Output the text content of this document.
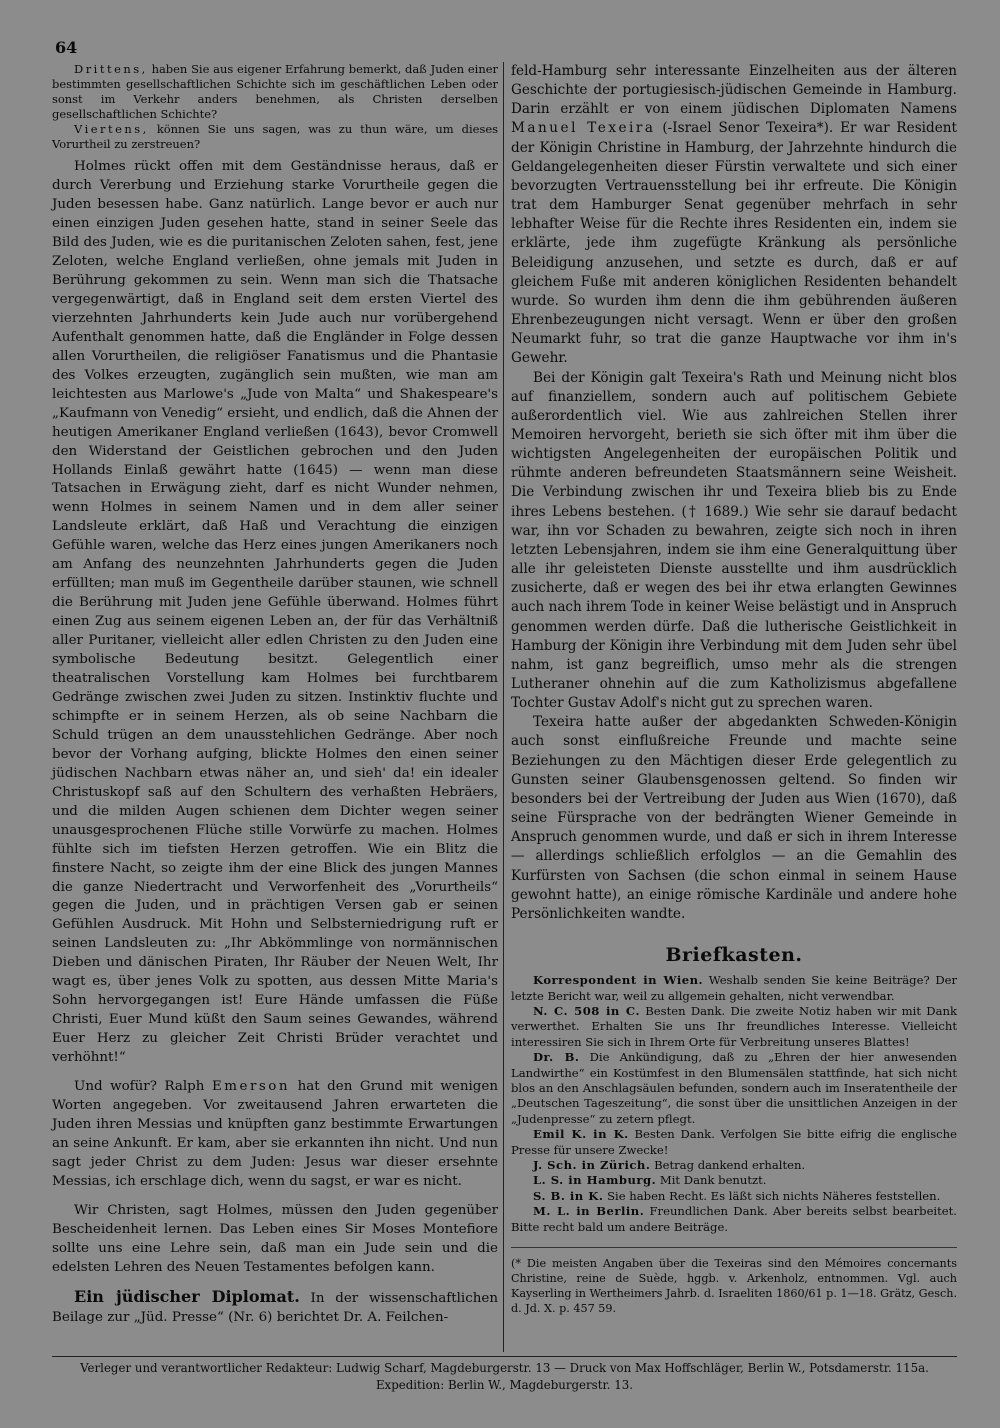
64
Drittens, haben Sie aus eigener Erfahrung bemerkt, daß Juden einer bestimmten gesellschaftlichen Schichte sich im geschäftlichen Leben oder sonst im Verkehr anders benehmen, als Christen derselben gesellschaftlichen Schichte?
Viertens, können Sie uns sagen, was zu thun wäre, um dieses Vorurtheil zu zerstreuen?

Holmes rückt offen mit dem Geständnisse heraus, daß er durch Vererbung und Erziehung starke Vorurtheile gegen die Juden besessen habe. Ganz natürlich. Lange bevor er auch nur einen einzigen Juden gesehen hatte, stand in seiner Seele das Bild des Juden, wie es die puritanischen Zeloten sahen, fest, jene Zeloten, welche England verließen, ohne jemals mit Juden in Berührung gekommen zu sein. Wenn man sich die Thatsache vergegenwärtigt, daß in England seit dem ersten Viertel des vierzehnten Jahrhunderts kein Jude auch nur vorübergehend Aufenthalt genommen hatte, daß die Engländer in Folge dessen allen Vorurtheilen, die religiöser Fanatismus und die Phantasie des Volkes erzeugten, zugänglich sein mußten, wie man am leichtesten aus Marlowe's „Jude von Malta“ und Shakespeare's „Kaufmann von Venedig“ ersieht, und endlich, daß die Ahnen der heutigen Amerikaner England verließen (1643), bevor Cromwell den Widerstand der Geistlichen gebrochen und den Juden Hollands Einlaß gewährt hatte (1645) — wenn man diese Tatsachen in Erwägung zieht, darf es nicht Wunder nehmen, wenn Holmes in seinem Namen und in dem aller seiner Landsleute erklärt, daß Haß und Verachtung die einzigen Gefühle waren, welche das Herz eines jungen Amerikaners noch am Anfang des neunzehnten Jahrhunderts gegen die Juden erfüllten; man muß im Gegentheile darüber staunen, wie schnell die Berührung mit Juden jene Gefühle überwand. Holmes führt einen Zug aus seinem eigenen Leben an, der für das Verhältniß aller Puritaner, vielleicht aller edlen Christen zu den Juden eine symbolische Bedeutung besitzt. Gelegentlich einer theatralischen Vorstellung kam Holmes bei furchtbarem Gedränge zwischen zwei Juden zu sitzen. Instinktiv fluchte und schimpfte er in seinem Herzen, als ob seine Nachbarn die Schuld trügen an dem unausstehlichen Gedränge. Aber noch bevor der Vorhang aufging, blickte Holmes den einen seiner jüdischen Nachbarn etwas näher an, und sieh' da! ein idealer Christuskopf saß auf den Schultern des verhaßten Hebräers, und die milden Augen schienen dem Dichter wegen seiner unausgesprochenen Flüche stille Vorwürfe zu machen. Holmes fühlte sich im tiefsten Herzen getroffen. Wie ein Blitz die finstere Nacht, so zeigte ihm der eine Blick des jungen Mannes die ganze Niedertracht und Verworfenheit des „Vorurtheils“ gegen die Juden, und in prächtigen Versen gab er seinen Gefühlen Ausdruck. Mit Hohn und Selbsterniedrigung ruft er seinen Landsleuten zu: „Ihr Abkömmlinge von normännischen Dieben und dänischen Piraten, Ihr Räuber der Neuen Welt, Ihr wagt es, über jenes Volk zu spotten, aus dessen Mitte Maria's Sohn hervorgegangen ist! Eure Hände umfassen die Füße Christi, Euer Mund küßt den Saum seines Gewandes, während Euer Herz zu gleicher Zeit Christi Brüder verachtet und verhöhnt!“

Und wofür? Ralph Emerson hat den Grund mit wenigen Worten angegeben. Vor zweitausend Jahren erwarteten die Juden ihren Messias und knüpften ganz bestimmte Erwartungen an seine Ankunft. Er kam, aber sie erkannten ihn nicht. Und nun sagt jeder Christ zu dem Juden: Jesus war dieser ersehnte Messias, ich erschlage dich, wenn du sagst, er war es nicht.

Wir Christen, sagt Holmes, müssen den Juden gegenüber Bescheidenheit lernen. Das Leben eines Sir Moses Montefiore sollte uns eine Lehre sein, daß man ein Jude sein und die edelsten Lehren des Neuen Testamentes befolgen kann.

Ein jüdischer Diplomat. In der wissenschaftlichen Beilage zur „Jüd. Presse“ (Nr. 6) berichtet Dr. A. Feilchen-

feld-Hamburg sehr interessante Einzelheiten aus der älteren Geschichte der portugiesisch-jüdischen Gemeinde in Hamburg. Darin erzählt er von einem jüdischen Diplomaten Namens Manuel Texeira (-Israel Senor Texeira*). Er war Resident der Königin Christine in Hamburg, der Jahrzehnte hindurch die Geldangelegenheiten dieser Fürstin verwaltete und sich einer bevorzugten Vertrauensstellung bei ihr erfreute. Die Königin trat dem Hamburger Senat gegenüber mehrfach in sehr lebhafter Weise für die Rechte ihres Residenten ein, indem sie erklärte, jede ihm zugefügte Kränkung als persönliche Beleidigung anzusehen, und setzte es durch, daß er auf gleichem Fuße mit anderen königlichen Residenten behandelt wurde. So wurden ihm denn die ihm gebührenden äußeren Ehrenbezeugungen nicht versagt. Wenn er über den großen Neumarkt fuhr, so trat die ganze Hauptwache vor ihm in's Gewehr.

Bei der Königin galt Texeira's Rath und Meinung nicht blos auf finanziellem, sondern auch auf politischem Gebiete außerordentlich viel. Wie aus zahlreichen Stellen ihrer Memoiren hervorgeht, berieth sie sich öfter mit ihm über die wichtigsten Angelegenheiten der europäischen Politik und rühmte anderen befreundeten Staatsmännern seine Weisheit. Die Verbindung zwischen ihr und Texeira blieb bis zu Ende ihres Lebens bestehen. († 1689.) Wie sehr sie darauf bedacht war, ihn vor Schaden zu bewahren, zeigte sich noch in ihren letzten Lebensjahren, indem sie ihm eine Generalquittung über alle ihr geleisteten Dienste ausstellte und ihm ausdrücklich zusicherte, daß er wegen des bei ihr etwa erlangten Gewinnes auch nach ihrem Tode in keiner Weise belästigt und in Anspruch genommen werden dürfe. Daß die lutherische Geistlichkeit in Hamburg der Königin ihre Verbindung mit dem Juden sehr übel nahm, ist ganz begreiflich, umso mehr als die strengen Lutheraner ohnehin auf die zum Katholizismus abgefallene Tochter Gustav Adolf's nicht gut zu sprechen waren.

Texeira hatte außer der abgedankten Schweden-Königin auch sonst einflußreiche Freunde und machte seine Beziehungen zu den Mächtigen dieser Erde gelegentlich zu Gunsten seiner Glaubensgenossen geltend. So finden wir besonders bei der Vertreibung der Juden aus Wien (1670), daß seine Fürsprache von der bedrängten Wiener Gemeinde in Anspruch genommen wurde, und daß er sich in ihrem Interesse — allerdings schließlich erfolglos — an die Gemahlin des Kurfürsten von Sachsen (die schon einmal in seinem Hause gewohnt hatte), an einige römische Kardinäle und andere hohe Persönlichkeiten wandte.

Briefkasten.

Korrespondent in Wien. Weshalb senden Sie keine Beiträge? Der letzte Bericht war, weil zu allgemein gehalten, nicht verwendbar.

N. C. 508 in C. Besten Dank. Die zweite Notiz haben wir mit Dank verwerthet. Erhalten Sie uns Ihr freundliches Interesse. Vielleicht interessiren Sie sich in Ihrem Orte für Verbreitung unseres Blattes!

Dr. B. Die Ankündigung, daß zu „Ehren der hier anwesenden Landwirthe“ ein Kostümfest in den Blumensälen stattfinde, hat sich nicht blos an den Anschlagsäulen befunden, sondern auch im Inseratentheile der „Deutschen Tageszeitung“, die sonst über die unsittlichen Anzeigen in der „Judenpresse“ zu zetern pflegt.

Emil K. in K. Besten Dank. Verfolgen Sie bitte eifrig die englische Presse für unsere Zwecke!

J. Sch. in Zürich. Betrag dankend erhalten.

L. S. in Hamburg. Mit Dank benutzt.

S. B. in K. Sie haben Recht. Es läßt sich nichts Näheres feststellen.

M. L. in Berlin. Freundlichen Dank. Aber bereits selbst bearbeitet. Bitte recht bald um andere Beiträge.

(* Die meisten Angaben über die Texeiras sind den Mémoires concernants Christine, reine de Suède, hggb. v. Arkenholz, entnommen. Vgl. auch Kayserling in Wertheimers Jahrb. d. Israeliten 1860/61 p. 1—18. Grätz, Gesch. d. Jd. X. p. 457 59.
Verleger und verantwortlicher Redakteur: Ludwig Scharf, Magdeburgerstr. 13 — Druck von Max Hoffschläger, Berlin W., Potsdamerstr. 115a.
Expedition: Berlin W., Magdeburgerstr. 13.
